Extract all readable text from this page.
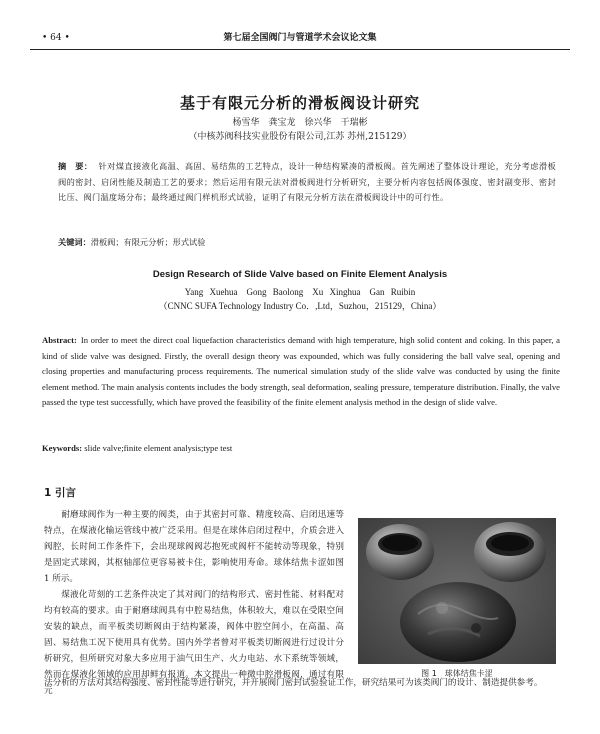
• 64 •	第七届全国阀门与管道学术会议论文集
基于有限元分析的滑板阀设计研究
杨雪华　龚宝龙　徐兴华　干瑞彬
（中核苏阀科技实业股份有限公司,江苏 苏州,215129）
摘　要： 针对煤直接液化高温、高固、易结焦的工艺特点，设计一种结构紧凑的滑板阀。首先阐述了整体设计理论，充分考虑滑板阀的密封、启闭性能及制造工艺的要求；然后运用有限元法对滑板阀进行分析研究，主要分析内容包括阀体强度、密封副变形、密封比压、阀门温度场分布；最终通过阀门样机形式试验，证明了有限元分析方法在滑板阀设计中的可行性。
关键词：滑板阀；有限元分析；形式试验
Design Research of Slide Valve based on Finite Element Analysis
Yang Xuehua　Gong Baolong　Xu Xinghua　Gan Ruibin
（CNNC SUFA Technology Industry Co．,Ltd，Suzhou，215129，China）
Abstract: In order to meet the direct coal liquefaction characteristics demand with high temperature, high solid content and coking. In this paper, a kind of slide valve was designed. Firstly, the overall design theory was expounded, which was fully considering the ball valve seal, opening and closing properties and manufacturing process requirements. The numerical simulation study of the slide valve was conducted by using the finite element method. The main analysis contents includes the body strength, seal deformation, sealing pressure, temperature distribution. Finally, the valve passed the type test successfully, which have proved the feasibility of the finite element analysis method in the design of slide valve.
Keywords: slide valve;finite element analysis;type test
1 引言

耐磨球阀作为一种主要的阀类，由于其密封可靠、精度较高、启闭迅速等特点，在煤液化输运管线中被广泛采用。但是在球体启闭过程中，介质会进入阀腔，长时间工作条件下，会出现球阀阀芯抱死或阀杆不能转动等现象，特别是固定式球阀，其枢轴部位更容易被卡住，影响使用寿命。球体结焦卡涩如图 1 所示。

煤液化苛刻的工艺条件决定了其对阀门的结构形式、密封性能、材料配对均有较高的要求。由于耐磨球阀具有中腔易结焦，体积较大，难以在受限空间安装的缺点，而平板类切断阀由于结构紧凑，阀体中腔空间小，在高温、高固、易结焦工况下使用具有优势。国内外学者曾对平板类切断阀进行过设计分析研究，但所研究对象大多应用于油气田生产、火力电站、水下系统等领域，然而在煤液化领域的应用却鲜有报道。本文提出一种微中腔滑板阀，通过有限元

图 1　球体结焦卡涩

法分析的方法对其结构强度、密封性能等进行研究，并开展阀门密封试验验证工作，研究结果可为该类阀门的设计、制造提供参考。
